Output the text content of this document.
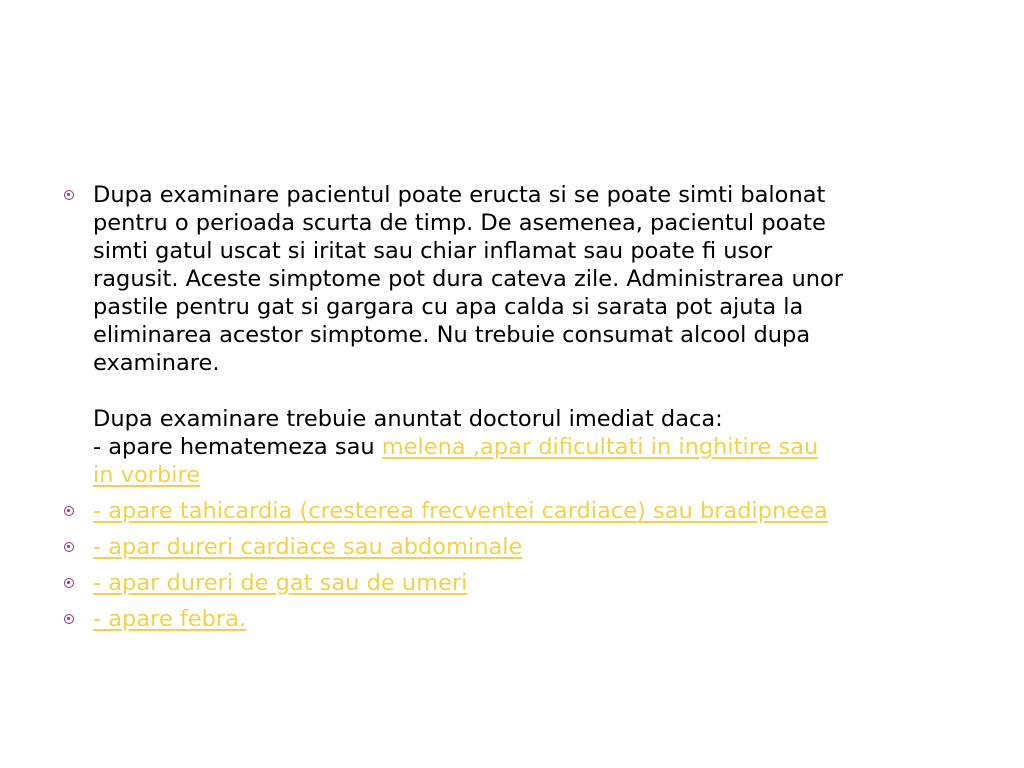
Dupa examinare pacientul poate eructa si se poate simti balonat pentru o perioada scurta de timp. De asemenea, pacientul poate simti gatul uscat si iritat sau chiar inflamat sau poate fi usor ragusit. Aceste simptome pot dura cateva zile. Administrarea unor pastile pentru gat si gargara cu apa calda si sarata pot ajuta la eliminarea acestor simptome. Nu trebuie consumat alcool dupa examinare.
Dupa examinare trebuie anuntat doctorul imediat daca:
- apare hematemeza sau melena ,apar dificultati in inghitire sau in vorbire
- apare tahicardia (cresterea frecventei cardiace) sau bradipneea
- apar dureri cardiace sau abdominale
- apar dureri de gat sau de umeri
- apare febra.
